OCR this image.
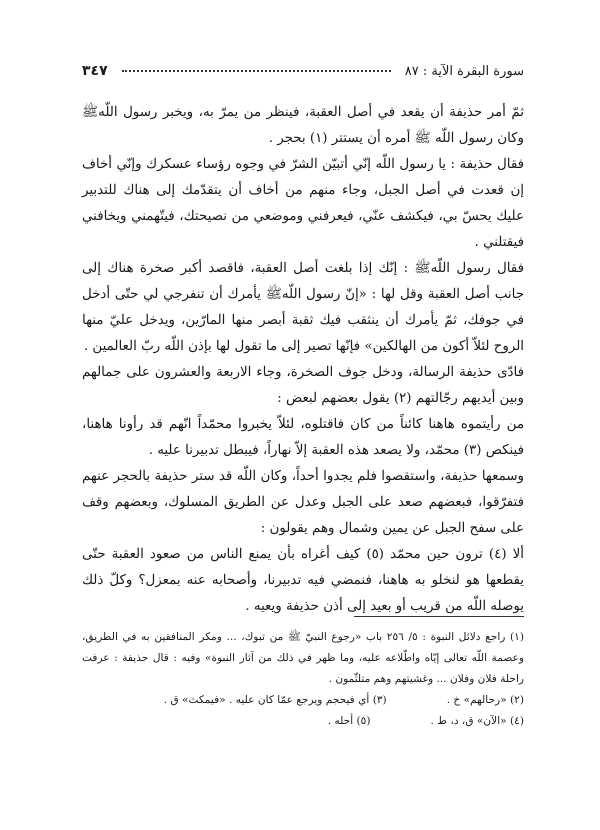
سورة البقرة الآية : ٨٧
٣٤٧

ثمّ أمر حذيفة أن يقعد في أصل العقبة، فينظر من يمرّ به، ويخبر رسول اللّهﷺ وكان رسول اللّه ﷺ أمره أن يستتر (١) بحجر .

فقال حذيفة : يا رسول اللّه إنّي أتبيّن الشرّ في وجوه رؤساء عسكرك وإنّي أخاف إن قعدت في أصل الجبل، وجاء منهم من أخاف أن يتقدّمك إلى هناك للتدبير عليك يحسّ بي، فيكشف عنّي، فيعرفني وموضعي من نصيحتك، فيتّهمني ويخافني فيقتلني .

فقال رسول اللّهﷺ : إنّك إذا بلغت أصل العقبة، فاقصد أكبر صخرة هناك إلى جانب أصل العقبة وقل لها : «إنّ رسول اللّهﷺ يأمرك أن تنفرجي لي حتّى أدخل في جوفك، ثمّ يأمرك أن ينثقب فيك ثقبة أبصر منها المارّين، ويدخل عليّ منها الروح لئلاّ أكون من الهالكين» فإنّها تصير إلى ما تقول لها بإذن اللّه ربّ العالمين .

فادّى حذيفة الرسالة، ودخل جوف الصخرة، وجاء الاربعة والعشرون على جمالهم وبين أيديهم رجّالتهم (٢) يقول بعضهم لبعض :

من رأيتموه هاهنا كائناً من كان فاقتلوه، لئلاّ يخبروا محمّداً انّهم قد رأونا هاهنا، فينكص (٣) محمّد، ولا يصعد هذه العقبة إلاّ نهاراً، فيبطل تدبيرنا عليه .

وسمعها حذيفة، واستقصوا فلم يجدوا أحداً، وكان اللّه قد ستر حذيفة بالحجر عنهم فتفرّقوا، فبعضهم صعد على الجبل وعدل عن الطريق المسلوك، وبعضهم وقف على سفح الجبل عن يمين وشمال وهم يقولون :

ألا (٤) ترون حين محمّد (٥) كيف أغراه بأن يمنع الناس من صعود العقبة حتّى يقطعها هو لنخلو به هاهنا، فنمضي فيه تدبيرنا، وأصحابه عنه بمعزل؟ وكلّ ذلك يوصله اللّه من قريب أو بعيد إلى أذن حذيفة ويعيه .

(١) راجع دلائل النبوة : ٥/ ٢٥٦ باب «رجوع النبيّ ﷺ من تبوك، ... ومكر المنافقين به في الطريق، وعصمة اللّه تعالى إيّاه واطّلاعه عليه، وما ظهر في ذلك من آثار النبوة» وفيه : قال حذيفة : عرفت راحلة فلان وفلان ... وغشيتهم وهم متلثّمون .

(٢) «رحالهم» خ .
(٣) أي فيحجم ويرجع عمّا كان عليه . «فيمكث» ق .
(٤) «الآن» ق، د، ط .
(٥) أحله .
